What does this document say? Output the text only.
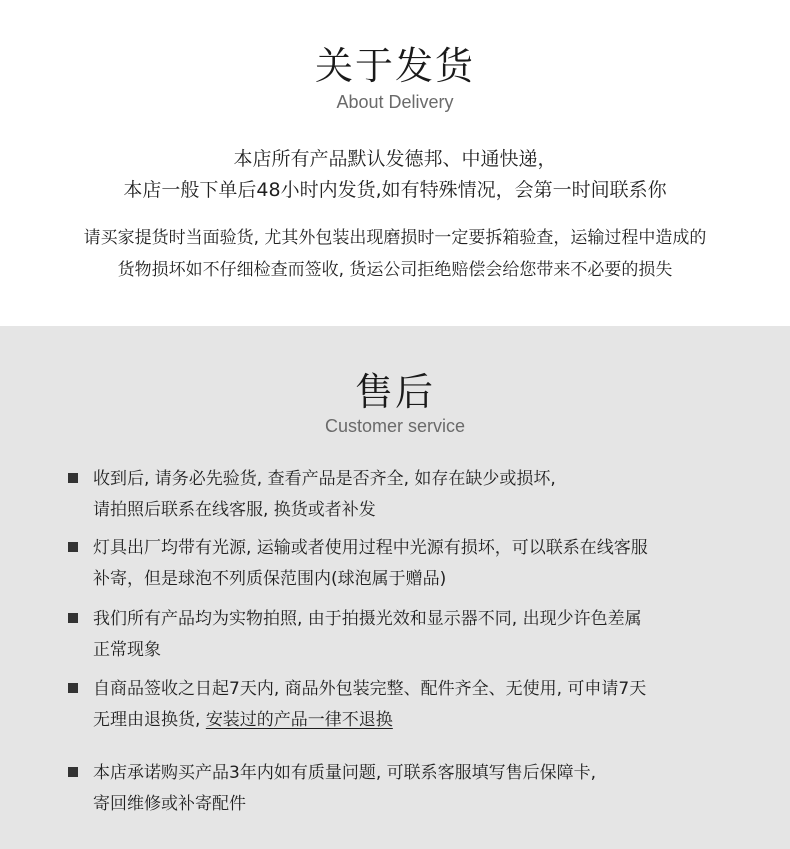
关于发货
About Delivery
本店所有产品默认发德邦、中通快递，
本店一般下单后48小时内发货,如有特殊情况，会第一时间联系你
请买家提货时当面验货, 尤其外包装出现磨损时一定要拆箱验查，运输过程中造成的
货物损坏如不仔细检查而签收, 货运公司拒绝赔偿会给您带来不必要的损失
售后
Customer service
收到后, 请务必先验货, 查看产品是否齐全, 如存在缺少或损坏,
请拍照后联系在线客服, 换货或者补发
灯具出厂均带有光源, 运输或者使用过程中光源有损坏，可以联系在线客服
补寄，但是球泡不列质保范围内(球泡属于赠品)
我们所有产品均为实物拍照, 由于拍摄光效和显示器不同, 出现少许色差属
正常现象
自商品签收之日起7天内, 商品外包装完整、配件齐全、无使用, 可申请7天
无理由退换货, 安装过的产品一律不退换
本店承诺购买产品3年内如有质量问题, 可联系客服填写售后保障卡,
寄回维修或补寄配件
